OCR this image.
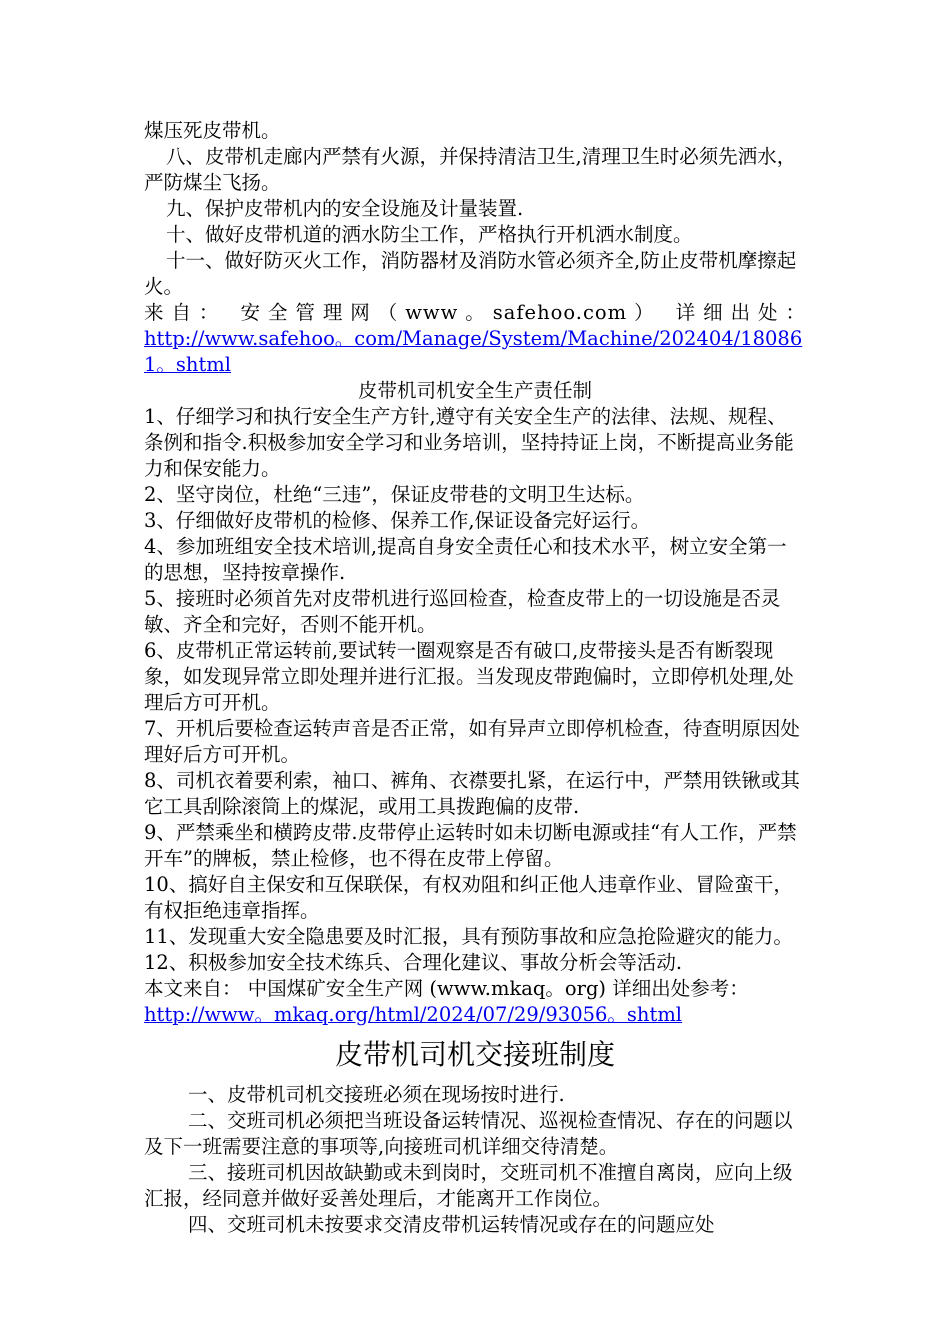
煤压死皮带机。

八、皮带机走廊内严禁有火源，并保持清洁卫生,清理卫生时必须先洒水，严防煤尘飞扬。

九、保护皮带机内的安全设施及计量装置.

十、做好皮带机道的洒水防尘工作，严格执行开机洒水制度。

十一、做好防灭火工作，消防器材及消防水管必须齐全,防止皮带机摩擦起火。

来自： 安全管理网（www。safehoo.com） 详细出处：

http://www.safehoo。com/Manage/System/Machine/202404/180861。shtml

皮带机司机安全生产责任制

1、仔细学习和执行安全生产方针,遵守有关安全生产的法律、法规、规程、条例和指令.积极参加安全学习和业务培训，坚持持证上岗，不断提高业务能力和保安能力。

2、坚守岗位，杜绝“三违”，保证皮带巷的文明卫生达标。

3、仔细做好皮带机的检修、保养工作,保证设备完好运行。

4、参加班组安全技术培训,提高自身安全责任心和技术水平，树立安全第一的思想，坚持按章操作.

5、接班时必须首先对皮带机进行巡回检查，检查皮带上的一切设施是否灵敏、齐全和完好，否则不能开机。

6、皮带机正常运转前,要试转一圈观察是否有破口,皮带接头是否有断裂现象，如发现异常立即处理并进行汇报。当发现皮带跑偏时，立即停机处理,处理后方可开机。

7、开机后要检查运转声音是否正常，如有异声立即停机检查，待查明原因处理好后方可开机。

8、司机衣着要利索，袖口、裤角、衣襟要扎紧，在运行中，严禁用铁锹或其它工具刮除滚筒上的煤泥，或用工具拨跑偏的皮带.

9、严禁乘坐和横跨皮带.皮带停止运转时如未切断电源或挂“有人工作，严禁开车”的牌板，禁止检修，也不得在皮带上停留。

10、搞好自主保安和互保联保，有权劝阻和纠正他人违章作业、冒险蛮干，有权拒绝违章指挥。

11、发现重大安全隐患要及时汇报，具有预防事故和应急抢险避灾的能力。

12、积极参加安全技术练兵、合理化建议、事故分析会等活动.

本文来自： 中国煤矿安全生产网 (www.mkaq。org) 详细出处参考：

http://www。mkaq.org/html/2024/07/29/93056。shtml

皮带机司机交接班制度

一、皮带机司机交接班必须在现场按时进行.

二、交班司机必须把当班设备运转情况、巡视检查情况、存在的问题以及下一班需要注意的事项等,向接班司机详细交待清楚。

三、接班司机因故缺勤或未到岗时，交班司机不准擅自离岗，应向上级汇报，经同意并做好妥善处理后，才能离开工作岗位。

四、交班司机未按要求交清皮带机运转情况或存在的问题应处
